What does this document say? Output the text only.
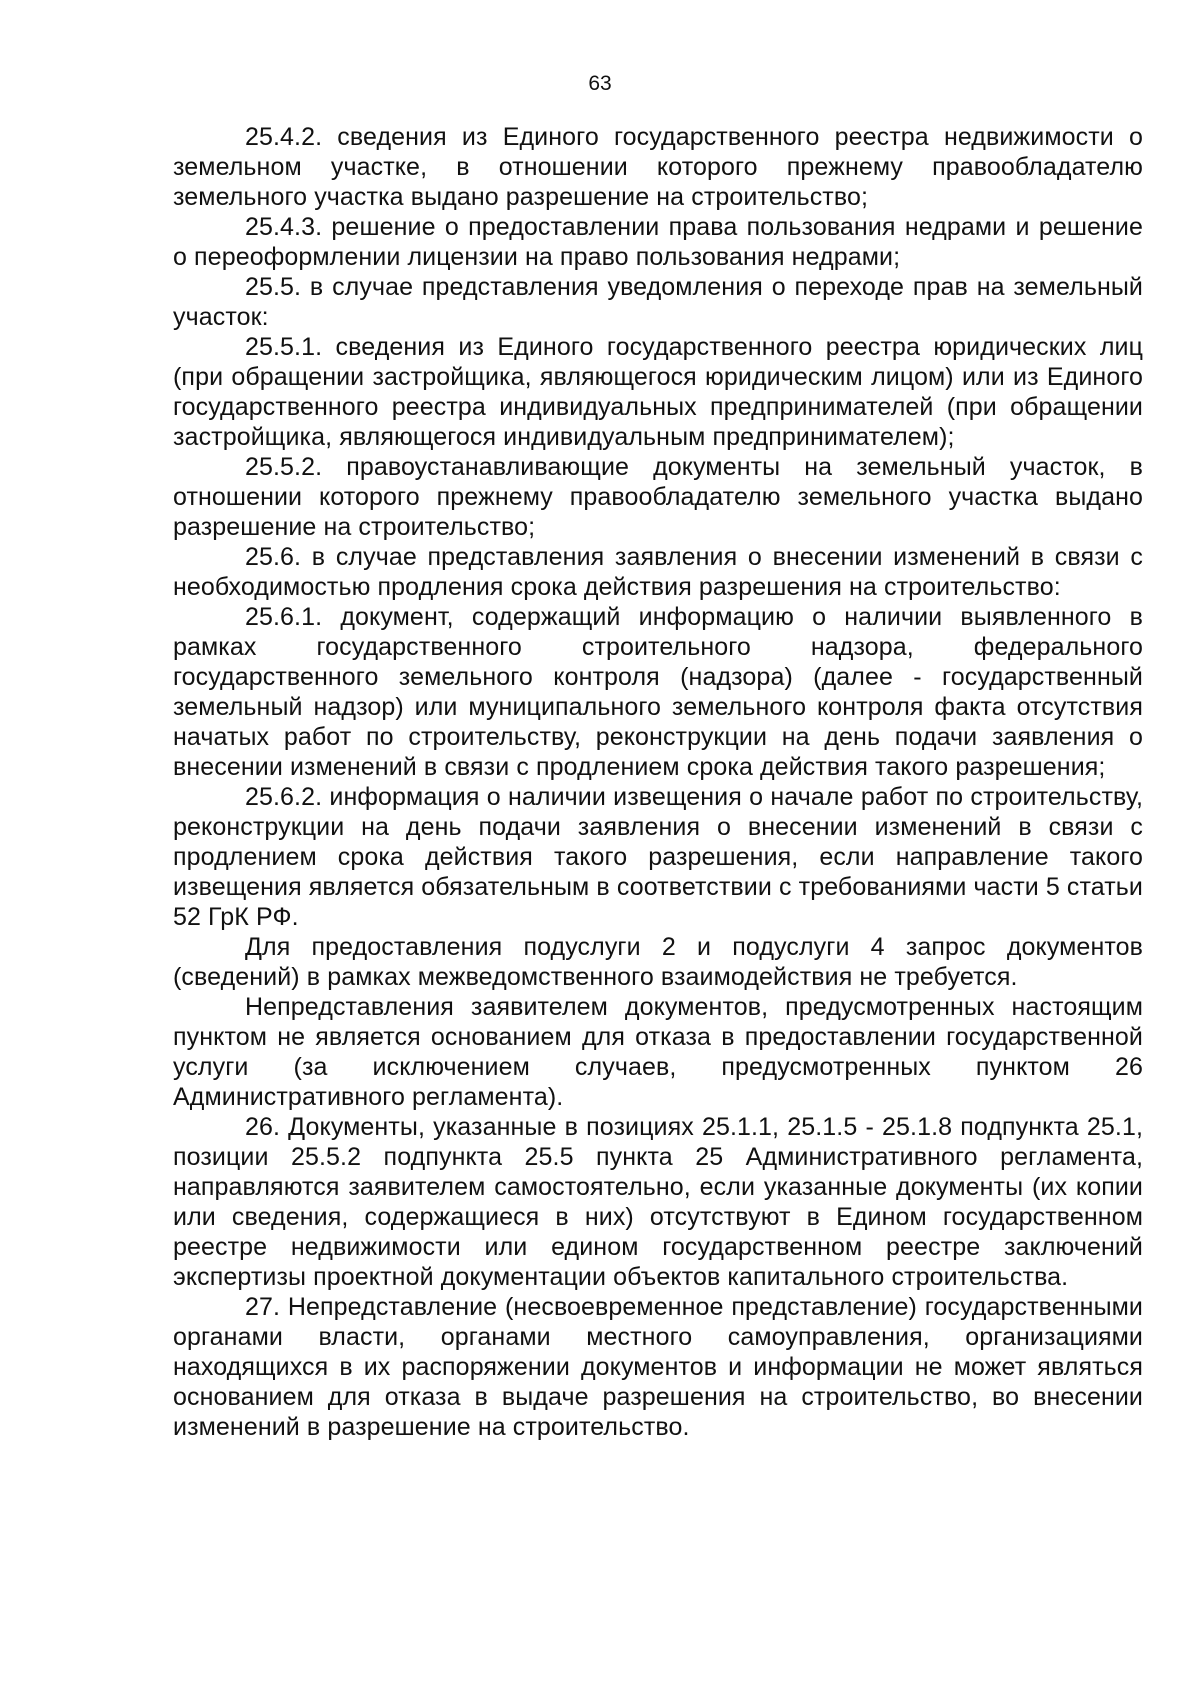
63

25.4.2. сведения из Единого государственного реестра недвижимости о земельном участке, в отношении которого прежнему правообладателю земельного участка выдано разрешение на строительство;

25.4.3. решение о предоставлении права пользования недрами и решение о переоформлении лицензии на право пользования недрами;

25.5. в случае представления уведомления о переходе прав на земельный участок:

25.5.1. сведения из Единого государственного реестра юридических лиц (при обращении застройщика, являющегося юридическим лицом) или из Единого государственного реестра индивидуальных предпринимателей (при обращении застройщика, являющегося индивидуальным предпринимателем);

25.5.2. правоустанавливающие документы на земельный участок, в отношении которого прежнему правообладателю земельного участка выдано разрешение на строительство;

25.6. в случае представления заявления о внесении изменений в связи с необходимостью продления срока действия разрешения на строительство:

25.6.1. документ, содержащий информацию о наличии выявленного в рамках государственного строительного надзора, федерального государственного земельного контроля (надзора) (далее - государственный земельный надзор) или муниципального земельного контроля факта отсутствия начатых работ по строительству, реконструкции на день подачи заявления о внесении изменений в связи с продлением срока действия такого разрешения;

25.6.2. информация о наличии извещения о начале работ по строительству, реконструкции на день подачи заявления о внесении изменений в связи с продлением срока действия такого разрешения, если направление такого извещения является обязательным в соответствии с требованиями части 5 статьи 52 ГрК РФ.

Для предоставления подуслуги 2 и подуслуги 4 запрос документов (сведений) в рамках межведомственного взаимодействия не требуется.

Непредставления заявителем документов, предусмотренных настоящим пунктом не является основанием для отказа в предоставлении государственной услуги (за исключением случаев, предусмотренных пунктом 26 Административного регламента).

26. Документы, указанные в позициях 25.1.1, 25.1.5 - 25.1.8 подпункта 25.1, позиции 25.5.2 подпункта 25.5 пункта 25 Административного регламента, направляются заявителем самостоятельно, если указанные документы (их копии или сведения, содержащиеся в них) отсутствуют в Едином государственном реестре недвижимости или едином государственном реестре заключений экспертизы проектной документации объектов капитального строительства.

27. Непредставление (несвоевременное представление) государственными органами власти, органами местного самоуправления, организациями находящихся в их распоряжении документов и информации не может являться основанием для отказа в выдаче разрешения на строительство, во внесении изменений в разрешение на строительство.
